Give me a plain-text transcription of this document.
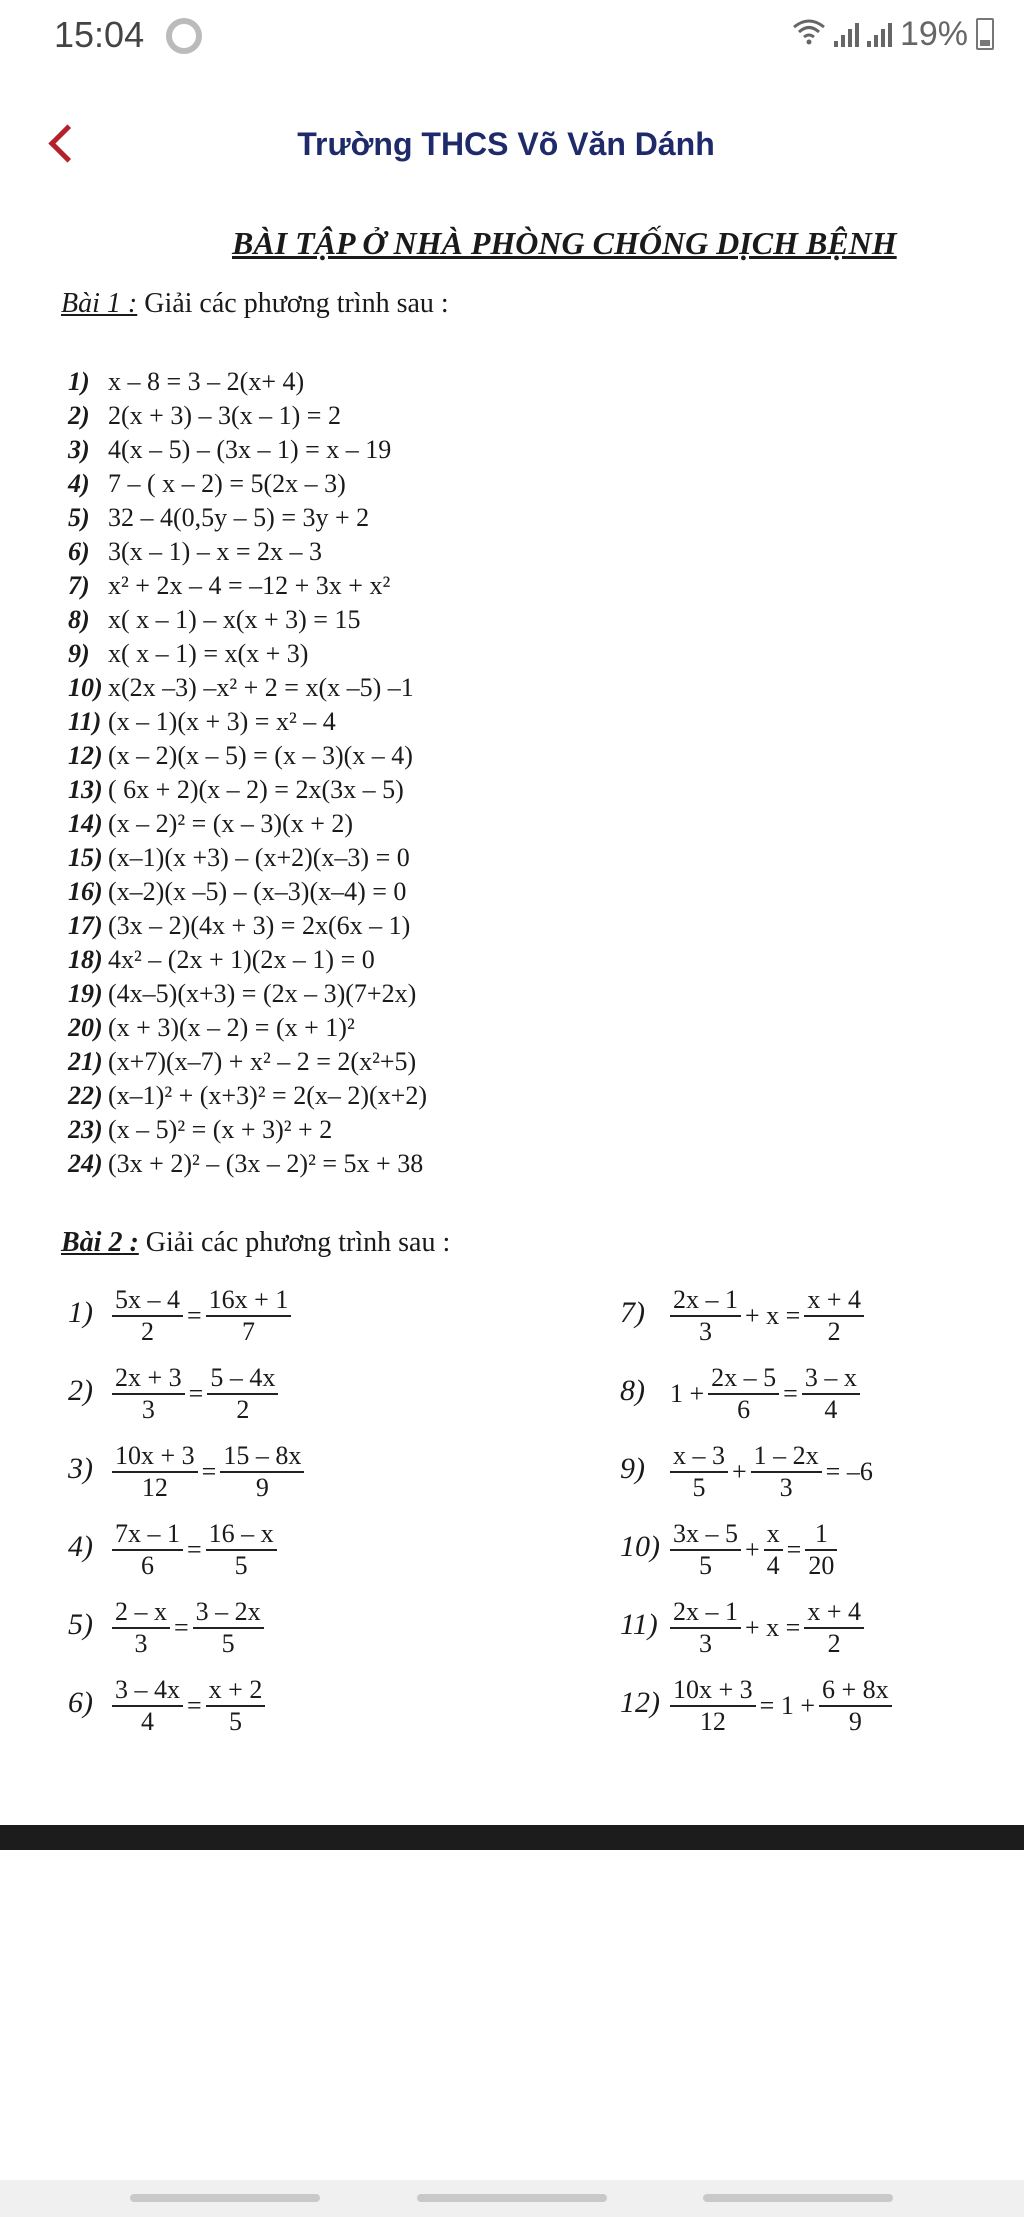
15:04	19%
Trường THCS Võ Văn Dánh
BÀI TẬP Ở NHÀ PHÒNG CHỐNG DỊCH BỆNH
Bài 1 : Giải các phương trình sau :
1) x – 8 = 3 – 2(x+ 4)
2) 2(x + 3) – 3(x – 1) = 2
3) 4(x – 5) – (3x – 1) = x – 19
4) 7 – ( x – 2) = 5(2x – 3)
5) 32 – 4(0,5y – 5) = 3y + 2
6) 3(x – 1) – x = 2x – 3
7) x² + 2x – 4 = –12 + 3x + x²
8) x( x – 1) – x(x + 3) = 15
9) x( x – 1) = x(x + 3)
10) x(2x –3) –x² + 2 = x(x –5) –1
11) (x – 1)(x + 3) = x² – 4
12) (x – 2)(x – 5) = (x – 3)(x – 4)
13) ( 6x + 2)(x – 2) = 2x(3x – 5)
14) (x – 2)² = (x – 3)(x + 2)
15) (x–1)(x +3) – (x+2)(x–3) = 0
16) (x–2)(x –5) – (x–3)(x–4) = 0
17) (3x – 2)(4x + 3) = 2x(6x – 1)
18) 4x² – (2x + 1)(2x – 1) = 0
19) (4x–5)(x+3) = (2x – 3)(7+2x)
20) (x + 3)(x – 2) = (x + 1)²
21) (x+7)(x–7) + x² – 2 = 2(x²+5)
22) (x–1)² + (x+3)² = 2(x– 2)(x+2)
23) (x – 5)² = (x + 3)² + 2
24) (3x + 2)² – (3x – 2)² = 5x + 38
Bài 2 : Giải các phương trình sau :
$1) \frac{5x - 4}{2} = \frac{16x + 1}{7}$
$2) \frac{2x + 3}{3} = \frac{5 - 4x}{2}$
$3) \frac{10x + 3}{12} = \frac{15 - 8x}{9}$
$4) \frac{7x - 1}{6} = \frac{16 - x}{5}$
$5) \frac{2 - x}{3} = \frac{3 - 2x}{5}$
$6) \frac{3 - 4x}{4} = \frac{x + 2}{5}$
$7) \frac{2x - 1}{3} + x = \frac{x + 4}{2}$
8) $1 + \frac{2x - 5}{6} = \frac{3 - x}{4}$
$9) \frac{x - 3}{5} + \frac{1 - 2x}{3} = -6$
$10) \frac{3x - 5}{5} + \frac{x}{4} = \frac{1}{20}$
$11) \frac{2x - 1}{3} + x = \frac{x + 4}{2}$
$12) \frac{10x + 3}{12} = 1 + \frac{6 + 8x}{9}$
